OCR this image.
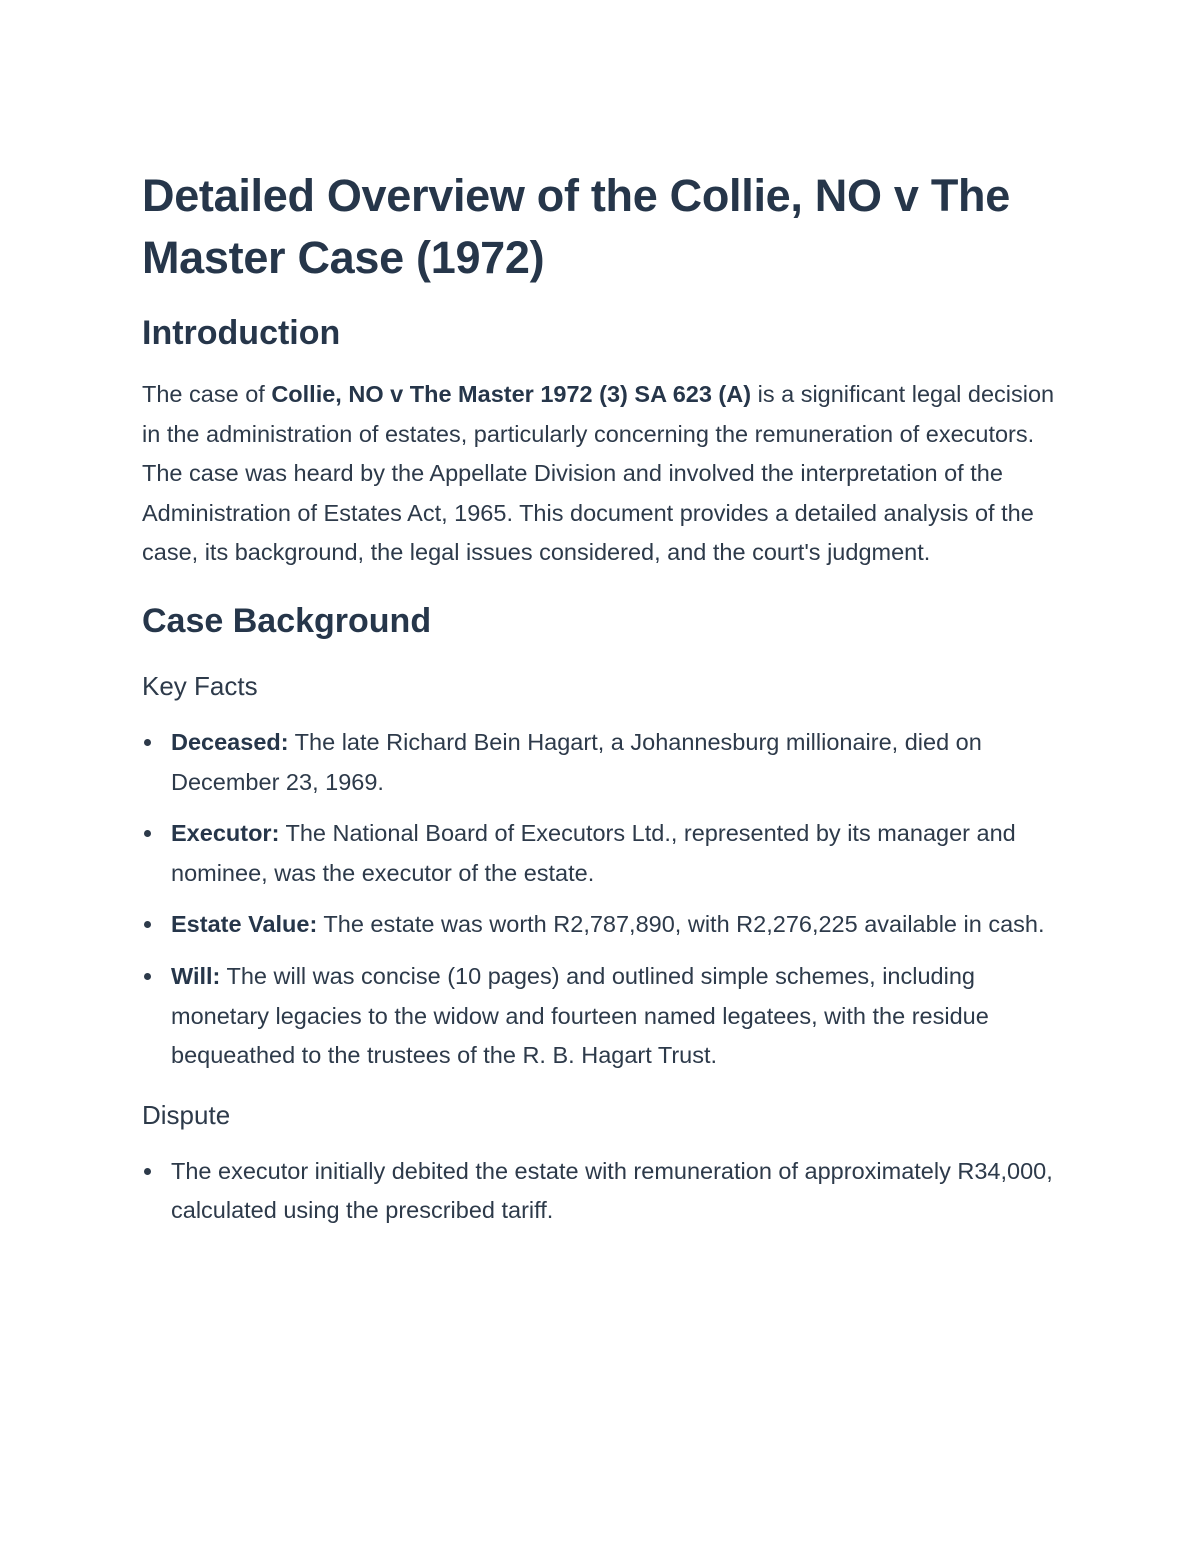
Detailed Overview of the Collie, NO v The Master Case (1972)
Introduction

The case of Collie, NO v The Master 1972 (3) SA 623 (A) is a significant legal decision in the administration of estates, particularly concerning the remuneration of executors. The case was heard by the Appellate Division and involved the interpretation of the Administration of Estates Act, 1965. This document provides a detailed analysis of the case, its background, the legal issues considered, and the court's judgment.

Case Background
Key Facts
Deceased: The late Richard Bein Hagart, a Johannesburg millionaire, died on December 23, 1969.
Executor: The National Board of Executors Ltd., represented by its manager and nominee, was the executor of the estate.
Estate Value: The estate was worth R2,787,890, with R2,276,225 available in cash.
Will: The will was concise (10 pages) and outlined simple schemes, including monetary legacies to the widow and fourteen named legatees, with the residue bequeathed to the trustees of the R. B. Hagart Trust.
Dispute
The executor initially debited the estate with remuneration of approximately R34,000, calculated using the prescribed tariff.
